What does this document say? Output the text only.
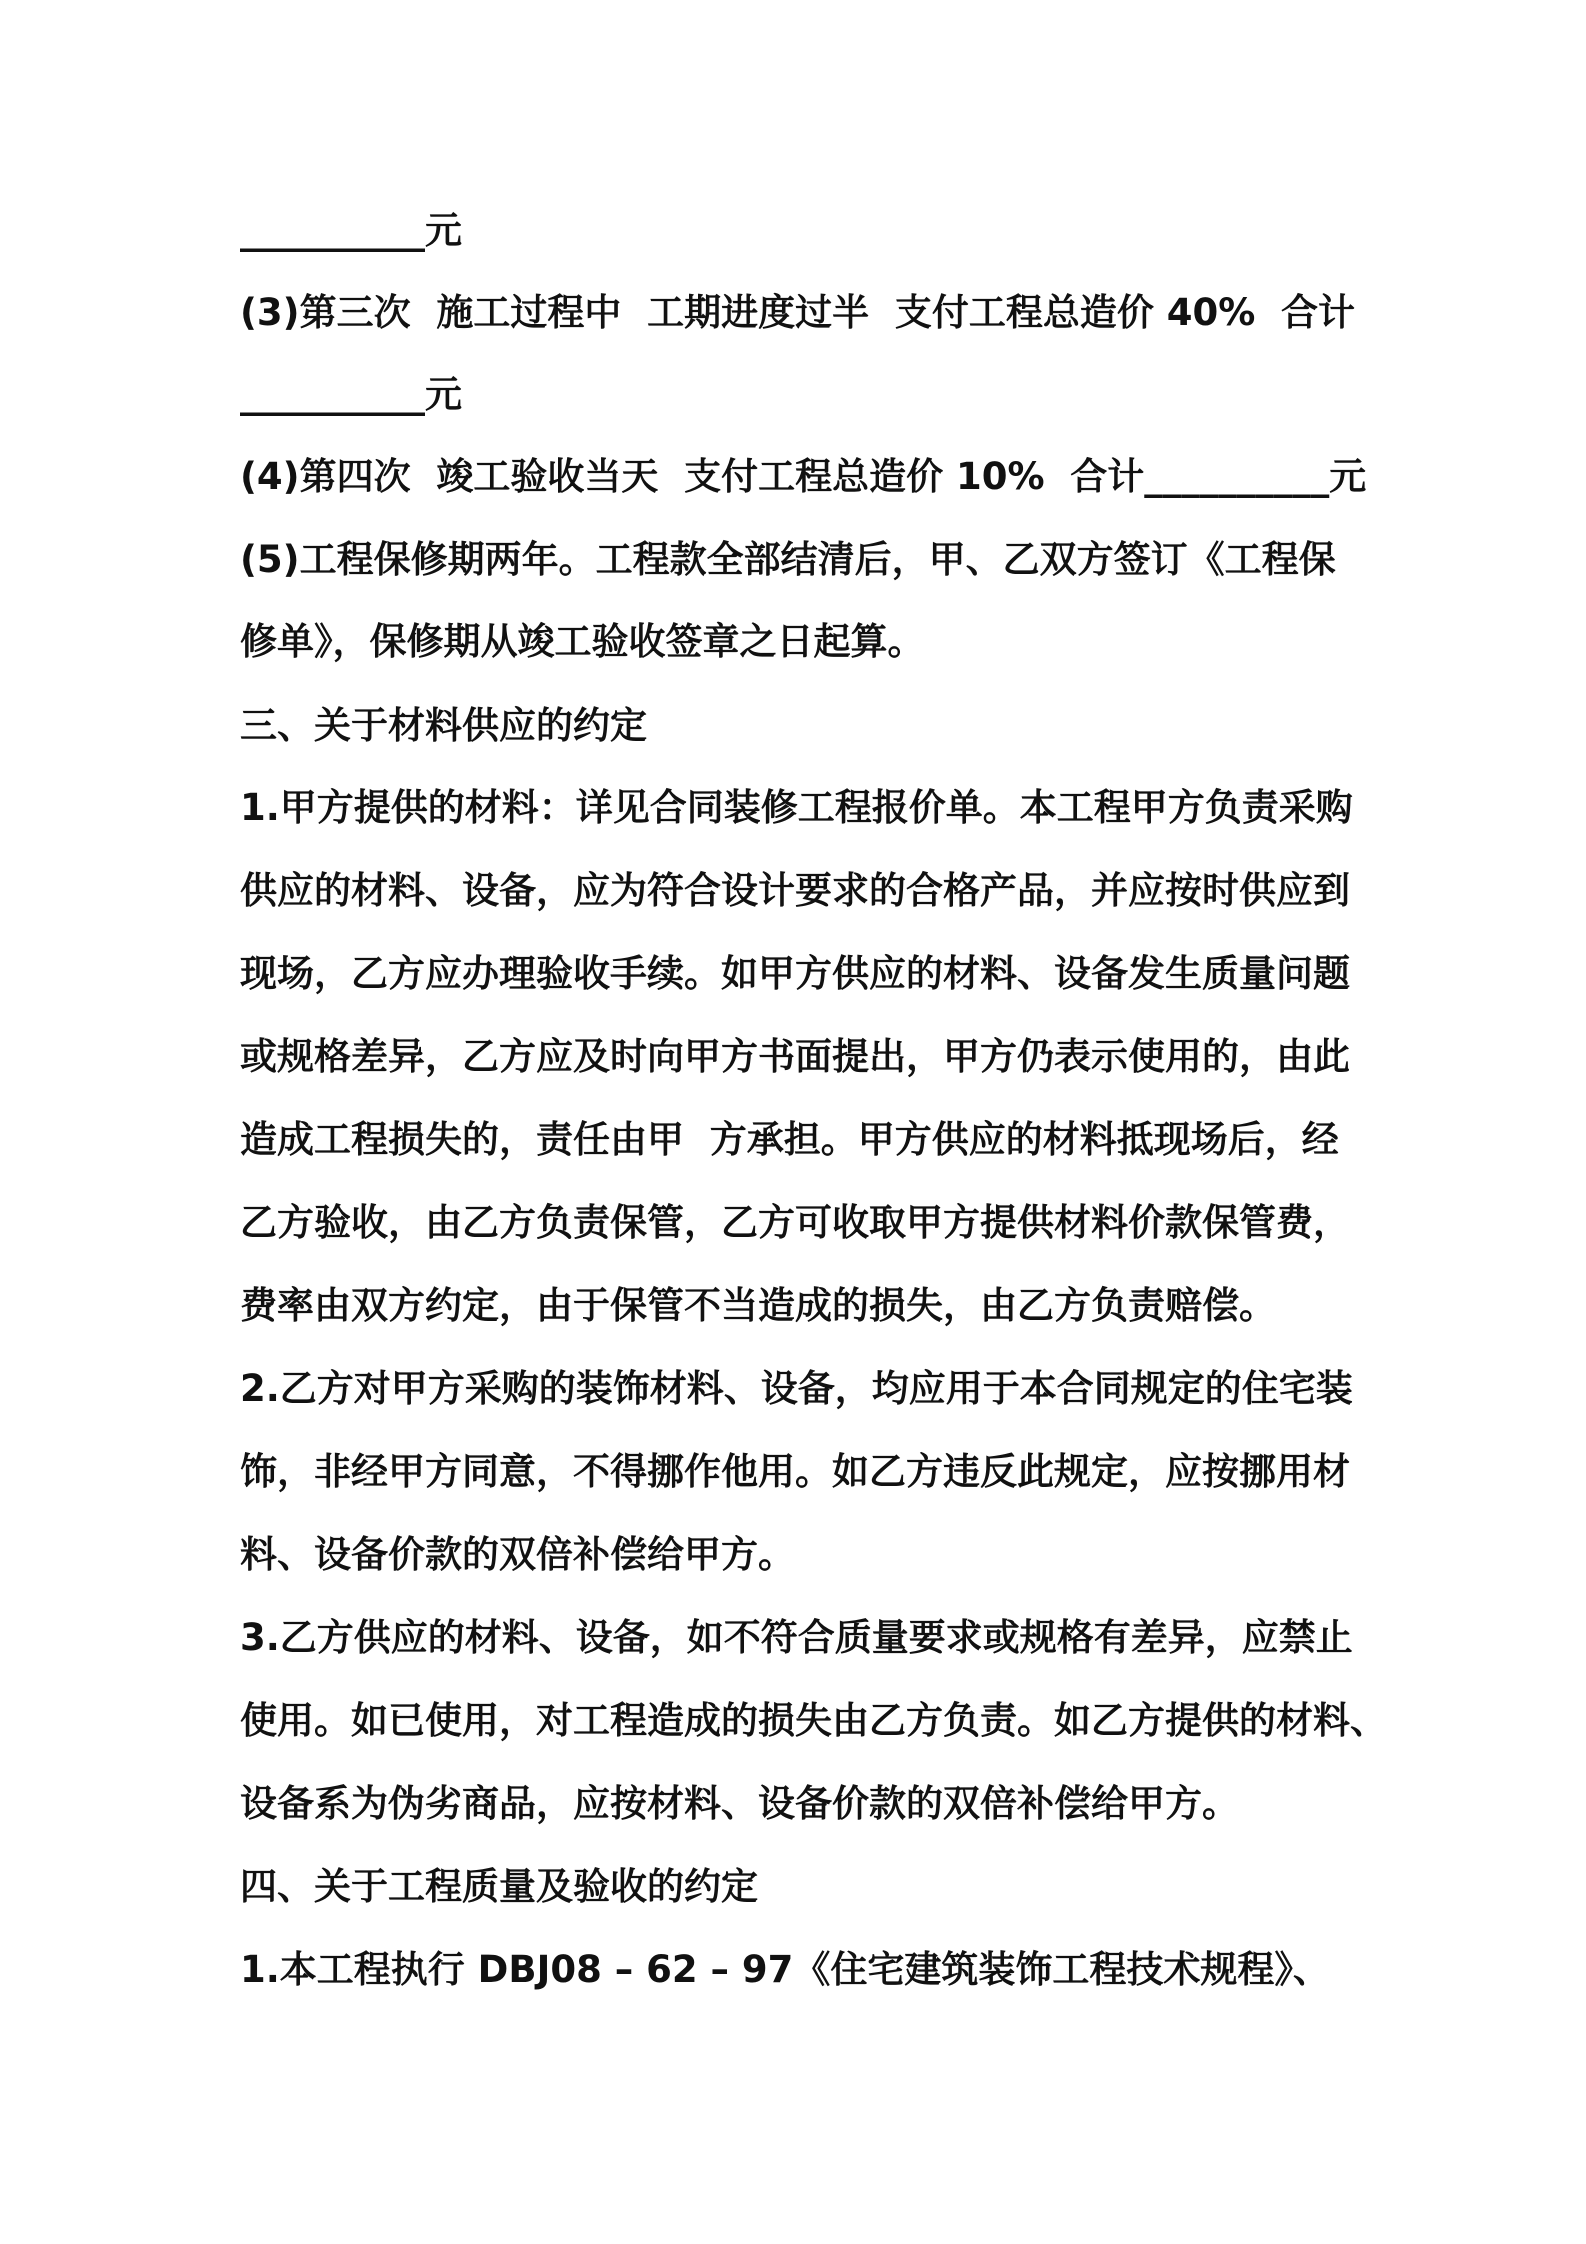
__________元
(3)第三次  施工过程中  工期进度过半  支付工程总造价 40%  合计
__________元
(4)第四次  竣工验收当天  支付工程总造价 10%  合计__________元
(5)工程保修期两年。工程款全部结清后，甲、乙双方签订《工程保
修单》，保修期从竣工验收签章之日起算。
三、关于材料供应的约定
1.甲方提供的材料：详见合同装修工程报价单。本工程甲方负责采购
供应的材料、设备，应为符合设计要求的合格产品，并应按时供应到
现场，乙方应办理验收手续。如甲方供应的材料、设备发生质量问题
或规格差异，乙方应及时向甲方书面提出，甲方仍表示使用的，由此
造成工程损失的，责任由甲  方承担。甲方供应的材料抵现场后，经
乙方验收，由乙方负责保管，乙方可收取甲方提供材料价款保管费，
费率由双方约定，由于保管不当造成的损失，由乙方负责赔偿。
2.乙方对甲方采购的装饰材料、设备，均应用于本合同规定的住宅装
饰，非经甲方同意，不得挪作他用。如乙方违反此规定，应按挪用材
料、设备价款的双倍补偿给甲方。
3.乙方供应的材料、设备，如不符合质量要求或规格有差异，应禁止
使用。如已使用，对工程造成的损失由乙方负责。如乙方提供的材料、
设备系为伪劣商品，应按材料、设备价款的双倍补偿给甲方。
四、关于工程质量及验收的约定
1.本工程执行 DBJ08 – 62 – 97《住宅建筑装饰工程技术规程》、
